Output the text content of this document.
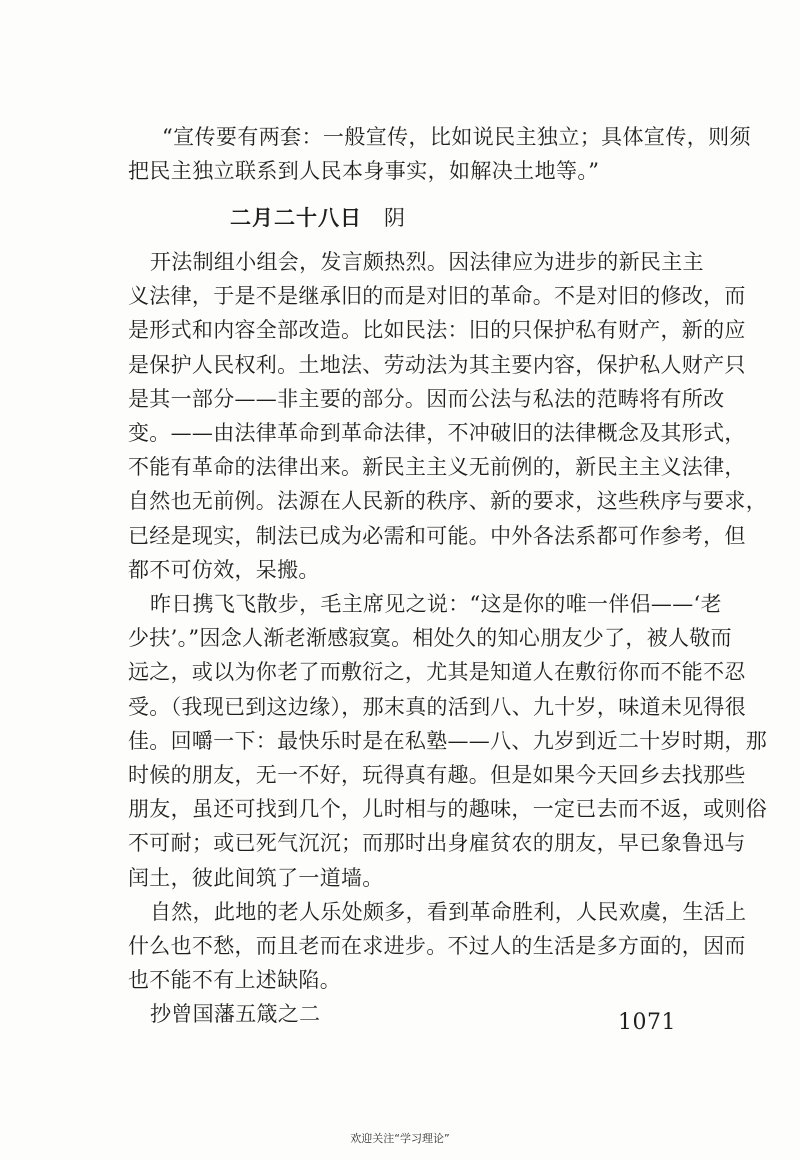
“宣传要有两套：一般宣传，比如说民主独立；具体宣传，则须
把民主独立联系到人民本身事实，如解决土地等。”
二月二十八日 阴

开法制组小组会，发言颇热烈。因法律应为进步的新民主主
义法律，于是不是继承旧的而是对旧的革命。不是对旧的修改，而
是形式和内容全部改造。比如民法：旧的只保护私有财产，新的应
是保护人民权利。土地法、劳动法为其主要内容，保护私人财产只
是其一部分——非主要的部分。因而公法与私法的范畴将有所改
变。——由法律革命到革命法律，不冲破旧的法律概念及其形式，
不能有革命的法律出来。新民主主义无前例的，新民主主义法律，
自然也无前例。法源在人民新的秩序、新的要求，这些秩序与要求，
已经是现实，制法已成为必需和可能。中外各法系都可作参考，但
都不可仿效，呆搬。

昨日携飞飞散步，毛主席见之说：“这是你的唯一伴侣——‘老
少扶’。”因念人渐老渐感寂寞。相处久的知心朋友少了，被人敬而
远之，或以为你老了而敷衍之，尤其是知道人在敷衍你而不能不忍
受。（我现已到这边缘），那末真的活到八、九十岁，味道未见得很
佳。回嚼一下：最快乐时是在私塾——八、九岁到近二十岁时期，那
时候的朋友，无一不好，玩得真有趣。但是如果今天回乡去找那些
朋友，虽还可找到几个，儿时相与的趣味，一定已去而不返，或则俗
不可耐；或已死气沉沉；而那时出身雇贫农的朋友，早已象鲁迅与
闰土，彼此间筑了一道墙。

自然，此地的老人乐处颇多，看到革命胜利，人民欢虞，生活上
什么也不愁，而且老而在求进步。不过人的生活是多方面的，因而
也不能不有上述缺陷。

抄曾国藩五箴之二	1071
欢迎关注“学习理论”
